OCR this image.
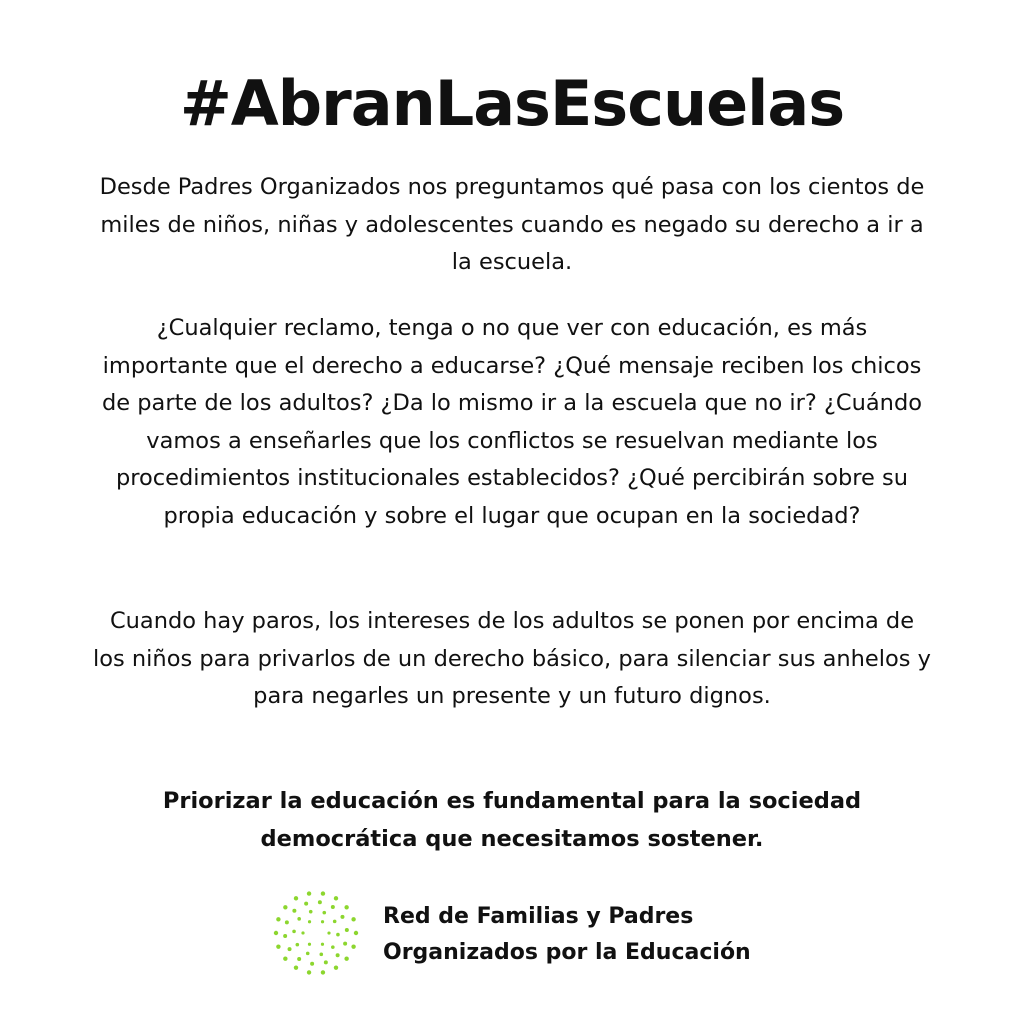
#AbranLasEscuelas

Desde Padres Organizados nos preguntamos qué pasa con los cientos de miles de niños, niñas y adolescentes cuando es negado su derecho a ir a la escuela.

¿Cualquier reclamo, tenga o no que ver con educación, es más importante que el derecho a educarse? ¿Qué mensaje reciben los chicos de parte de los adultos? ¿Da lo mismo ir a la escuela que no ir? ¿Cuándo vamos a enseñarles que los conflictos se resuelvan mediante los procedimientos institucionales establecidos? ¿Qué percibirán sobre su propia educación y sobre el lugar que ocupan en la sociedad?

Cuando hay paros, los intereses de los adultos se ponen por encima de los niños para privarlos de un derecho básico, para silenciar sus anhelos y para negarles un presente y un futuro dignos.

Priorizar la educación es fundamental para la sociedad democrática que necesitamos sostener.

Red de Familias y Padres
Organizados por la Educación
